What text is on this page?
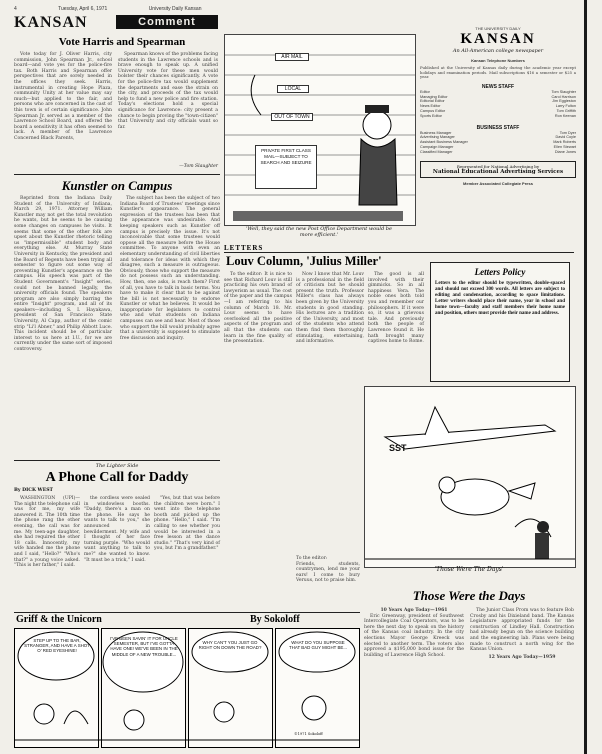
4	Tuesday, April 6, 1971	University Daily Kansan
KANSAN	Comment
Vote Harris and Spearman

Vote today for J. Oliver Harris, city commission, John Spearman Jr., school board—and vote yes for the police-fire tax. Both Harris and Spearman offer perspectives that are sorely needed in the offices they seek. Harris, instrumental in creating Hope Plaza, community Unity at her value may say much—but applied to the fair, and persons who are concerned in the cast of this town is of certain significance. John Spearman Jr. served as a member of the Lawrence School Board, and offered the board a sensitivity it has often seemed to lack. A member of the Lawrence Concerned Black Parents,

Spearman knows of the problems facing students in the Lawrence schools and is brave enough to speak up. A unified University vote for these men would bolster their chances significantly. A vote for the police-fire tax would supplement the departments and ease the strain on the city, and proceeds of the tax would help to fund a new police and fire station. Today's elections hold a special significance for Lawrence: city present a chance to begin proving the "town-citizen" that University and city officials want so far.

—Tom Slaughter
Kunstler on Campus

Reprinted from the Indiana Daily Student of the University of Indiana, March 29, 1971. Attorney William Kunstler may not get the total revolution he wants, but he seems to be causing some changes on campuses he visits. It seems that some of the other folk are upset about the Kunstler rhetoric telling us "impermissible" student body and everything else. At Murray State University in Kentucky, the president and the Board of Regents have been trying all semester to figure out some way of preventing Kunstler's appearance on the campus. His speech was part of the Student Government's "Insight" series, could not be banned legally, the university officials found. The speakers program are also simply barring the entire "Insight" program, and all of its speakers—including S. I. Hayakawa, president of San Francisco State University, Al Capp, author of the comic strip "Li'l Abner," and Philip Abbott Luce. This incident should be of particular interest to us here at I.U., for we are currently under the same sort of imposed controversy.

The subject has been the subject of two Indiana Board of Trustees' meetings since Kunstler's appearance. The general expression of the trustees has been that the appearance was undesirable. And keeping speakers such as Kunstler off campus is precisely the issue. It's not inconceivable that some trustees would oppose all the measure before the House committee. To anyone with even an elementary understanding of civil liberties and tolerance for ideas with which they disagree, such a measure is outrageous. Obviously, those who support the measure do not possess such an understanding. How, then, one asks, is reach them? First of all, you have to talk in basic terms. You have to make it clear that to be against the bill is not necessarily to endorse Kunstler or what he believes. It would be inappropriate for legislators to control who and what students on Indiana campuses can see and hear. Most of those who support the bill would probably agree that a university is supposed to stimulate free discussion and inquiry.

AIR MAIL
LOCAL
OUT OF TOWN
PRIVATE FIRST CLASS MAIL—SUBJECT TO SEARCH AND SEIZURE
'Well, they said the new Post Office Department would be
more efficient.'
THE UNIVERSITY DAILY
KANSAN
An All-American college newspaper
Kansan Telephone Numbers
Published at the University of Kansas daily during the academic year except holidays and examination periods. Mail subscriptions $16 a semester or $25 a year.
NEWS STAFF
Editor	Tom Slaughter
Managing Editor	Carol Harrison
Editorial Editor	Jim Eggleston
News Editor	Larry Fulton
Campus Editor	Tom Griffith
Sports Editor	Ron Keenan
BUSINESS STAFF
Business Manager	Tom Dyer
Advertising Manager	David Coyle
Assistant Business Manager	Mark Roberts
Campaign Manager	Ellen Stewart
Classified Manager	Diane Jones
Represented for National Advertising by
National Educational Advertising Services
Member Associated Collegiate Press
LETTERS
Louv Column, 'Julius Miller'

To the editor: It is nice to see that Richard Louv is still practicing his own brand of lawyerism as usual. The cost of the paper and the campus—I am referring to his column of March 18. Mr. Louv seems to have overlooked all the positive aspects of the program and all that the students can learn in the fine quality of the presentation.

Now I know that Mr. Louv is a professional in the field of criticism but he should present the truth. Professor Miller's class has always been given by the University students in good standing. His lectures are a tradition of the University, and most of the students who attend them find them thoroughly stimulating, entertaining, and informative.

The good is all involved with their gimmicks. So in all happiness Vera. The noble ones both told you and remember our philosophers. If it were so, it was a grievous tale. And previously both the people of Lawrence found it. He hath brought many captives home to Rome.

Letters Policy
Letters to the editor should be typewritten, double-spaced and should not exceed 300 words. All letters are subject to editing and condensation, according to space limitations. Letter writers should place their name, year in school and home town—faculty and staff members their home name and position, others must provide their name and address.
SST
'Those Were The Days'
To the editor:
Friends, students, countrymen, lend me your ears! I come to bury Veruus, not to praise him.
The Lighter Side
A Phone Call for Daddy
By DICK WEST

WASHINGTON (UPI)—The night the telephone call was for me, my wife answered it. The 10th time the phone rang the other evening, the call was for me. My teen-age daughter, she had required the other 18 calls. Innocently, my wife handed me the phone and I said, "Hello?" "Who's that?" a young voice asked. "This is her father," I said.

the cordless were sealed in windowless booths. "Daddy, there's a man on the phone. He says he wants to talk to you," she announced in bewilderment. My wife and I thought of her face turning purple. "Who would want anything to talk to me?" she wanted to know. "It must be a trick," I said.

"Yes, but that was before the children were born." I went into the telephone booth and picked up the phone. "Hello," I said. "I'm calling to see whether you would be interested in a free lesson at the dance studio." "That's very kind of you, but I'm a grandfather."

Griff & the Unicorn	By Sokoloff
STEP UP TO THE BAR, STRANGER, AND HAVE A SHOT O' RED EYESHINE!
I'VE BEEN SAVIN' IT FOR UNCLE SEMESTER, BUT I'VE GOTTA HAVE ONE! WE'VE BEEN IN THE MIDDLE OF A NEW TROUBLE...
WHY CAN'T YOU JUST GO RIGHT ON DOWN THE ROAD?
WHAT DO YOU SUPPOSE THAT BAD GUY MIGHT BE...
©1971 Sokoloff
Those Were the Days
10 Years Ago Today—1961

Eric Greenway, president of Southwest Intercollegiate Coal Operators, was to be here the next day to speak on the history of the Kansas coal industry. In the city elections Mayor George Kreeck was elected to another term. The voters also approved a $195,000 bond issue for the building of Lawrence High School.

The Junior Class Prom was to feature Bob Crosby and his Dixieland band. The Kansas Legislature appropriated funds for the construction of Lindley Hall. Construction had already begun on the science building and the engineering lab. Plans were being made to construct a north wing for the Kansas Union.

12 Years Ago Today—1959
